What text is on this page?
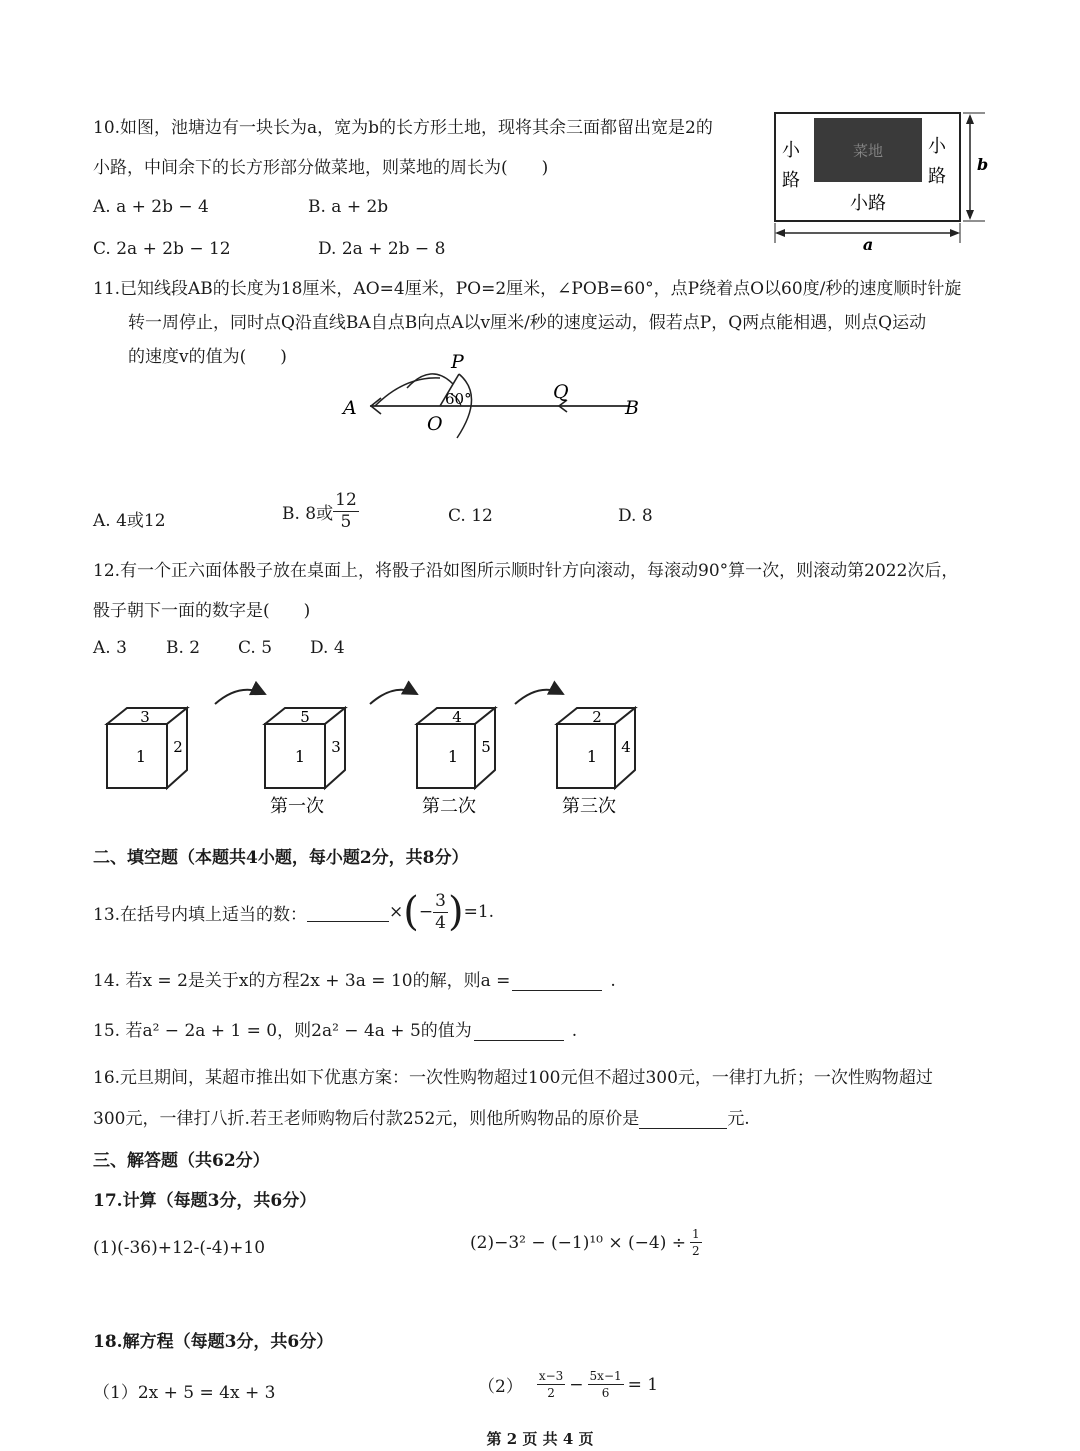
10.如图，池塘边有一块长为a，宽为b的长方形土地，现将其余三面都留出宽是2的
小路，中间余下的长方形部分做菜地，则菜地的周长为(　　)
A. a + 2b − 4	B. a + 2b
C. 2a + 2b − 12	D. 2a + 2b − 8
菜地
小
路
小
路
小路
b
a
11.已知线段AB的长度为18厘米，AO=4厘米，PO=2厘米，∠POB=60°，点P绕着点O以60度/秒的速度顺时针旋
转一周停止，同时点Q沿直线BA自点B向点A以v厘米/秒的速度运动，假若点P，Q两点能相遇，则点Q运动
的速度v的值为(　　)
A
O
P
Q
B
60°
A. 4或12	B. 8或 $\frac{12}{5}$	C. 12	D. 8
12.有一个正六面体骰子放在桌面上，将骰子沿如图所示顺时针方向滚动，每滚动90°算一次，则滚动第2022次后，
骰子朝下一面的数字是(　　)
A. 3 B. 2 C. 5 D. 4
3
1 2
5
1 3
第一次
4
1 5
第二次
2
1 4
第三次
二、填空题（本题共4小题，每小题2分，共8分）
13.在括号内填上适当的数：	× ( − $\frac{3}{4}$ ) =1.
14. 若x = 2是关于x的方程2x + 3a = 10的解，则a =	.
15. 若a² − 2a + 1 = 0，则2a² − 4a + 5的值为	.
16.元旦期间，某超市推出如下优惠方案：一次性购物超过100元但不超过300元，一律打九折；一次性购物超过
300元，一律打八折.若王老师购物后付款252元，则他所购物品的原价是	元.
三、解答题（共62分）
17.计算（每题3分，共6分）
(1)(-36)+12-(-4)+10	$(2)-3^2 - (-1)^{10} \times (-4) \div \frac{1}{2}$
18.解方程（每题3分，共6分）
（1）2x + 5 = 4x + 3	$(2) \frac{x-3}{2} - \frac{5x-1}{6} = 1$
第 2 页 共 4 页
